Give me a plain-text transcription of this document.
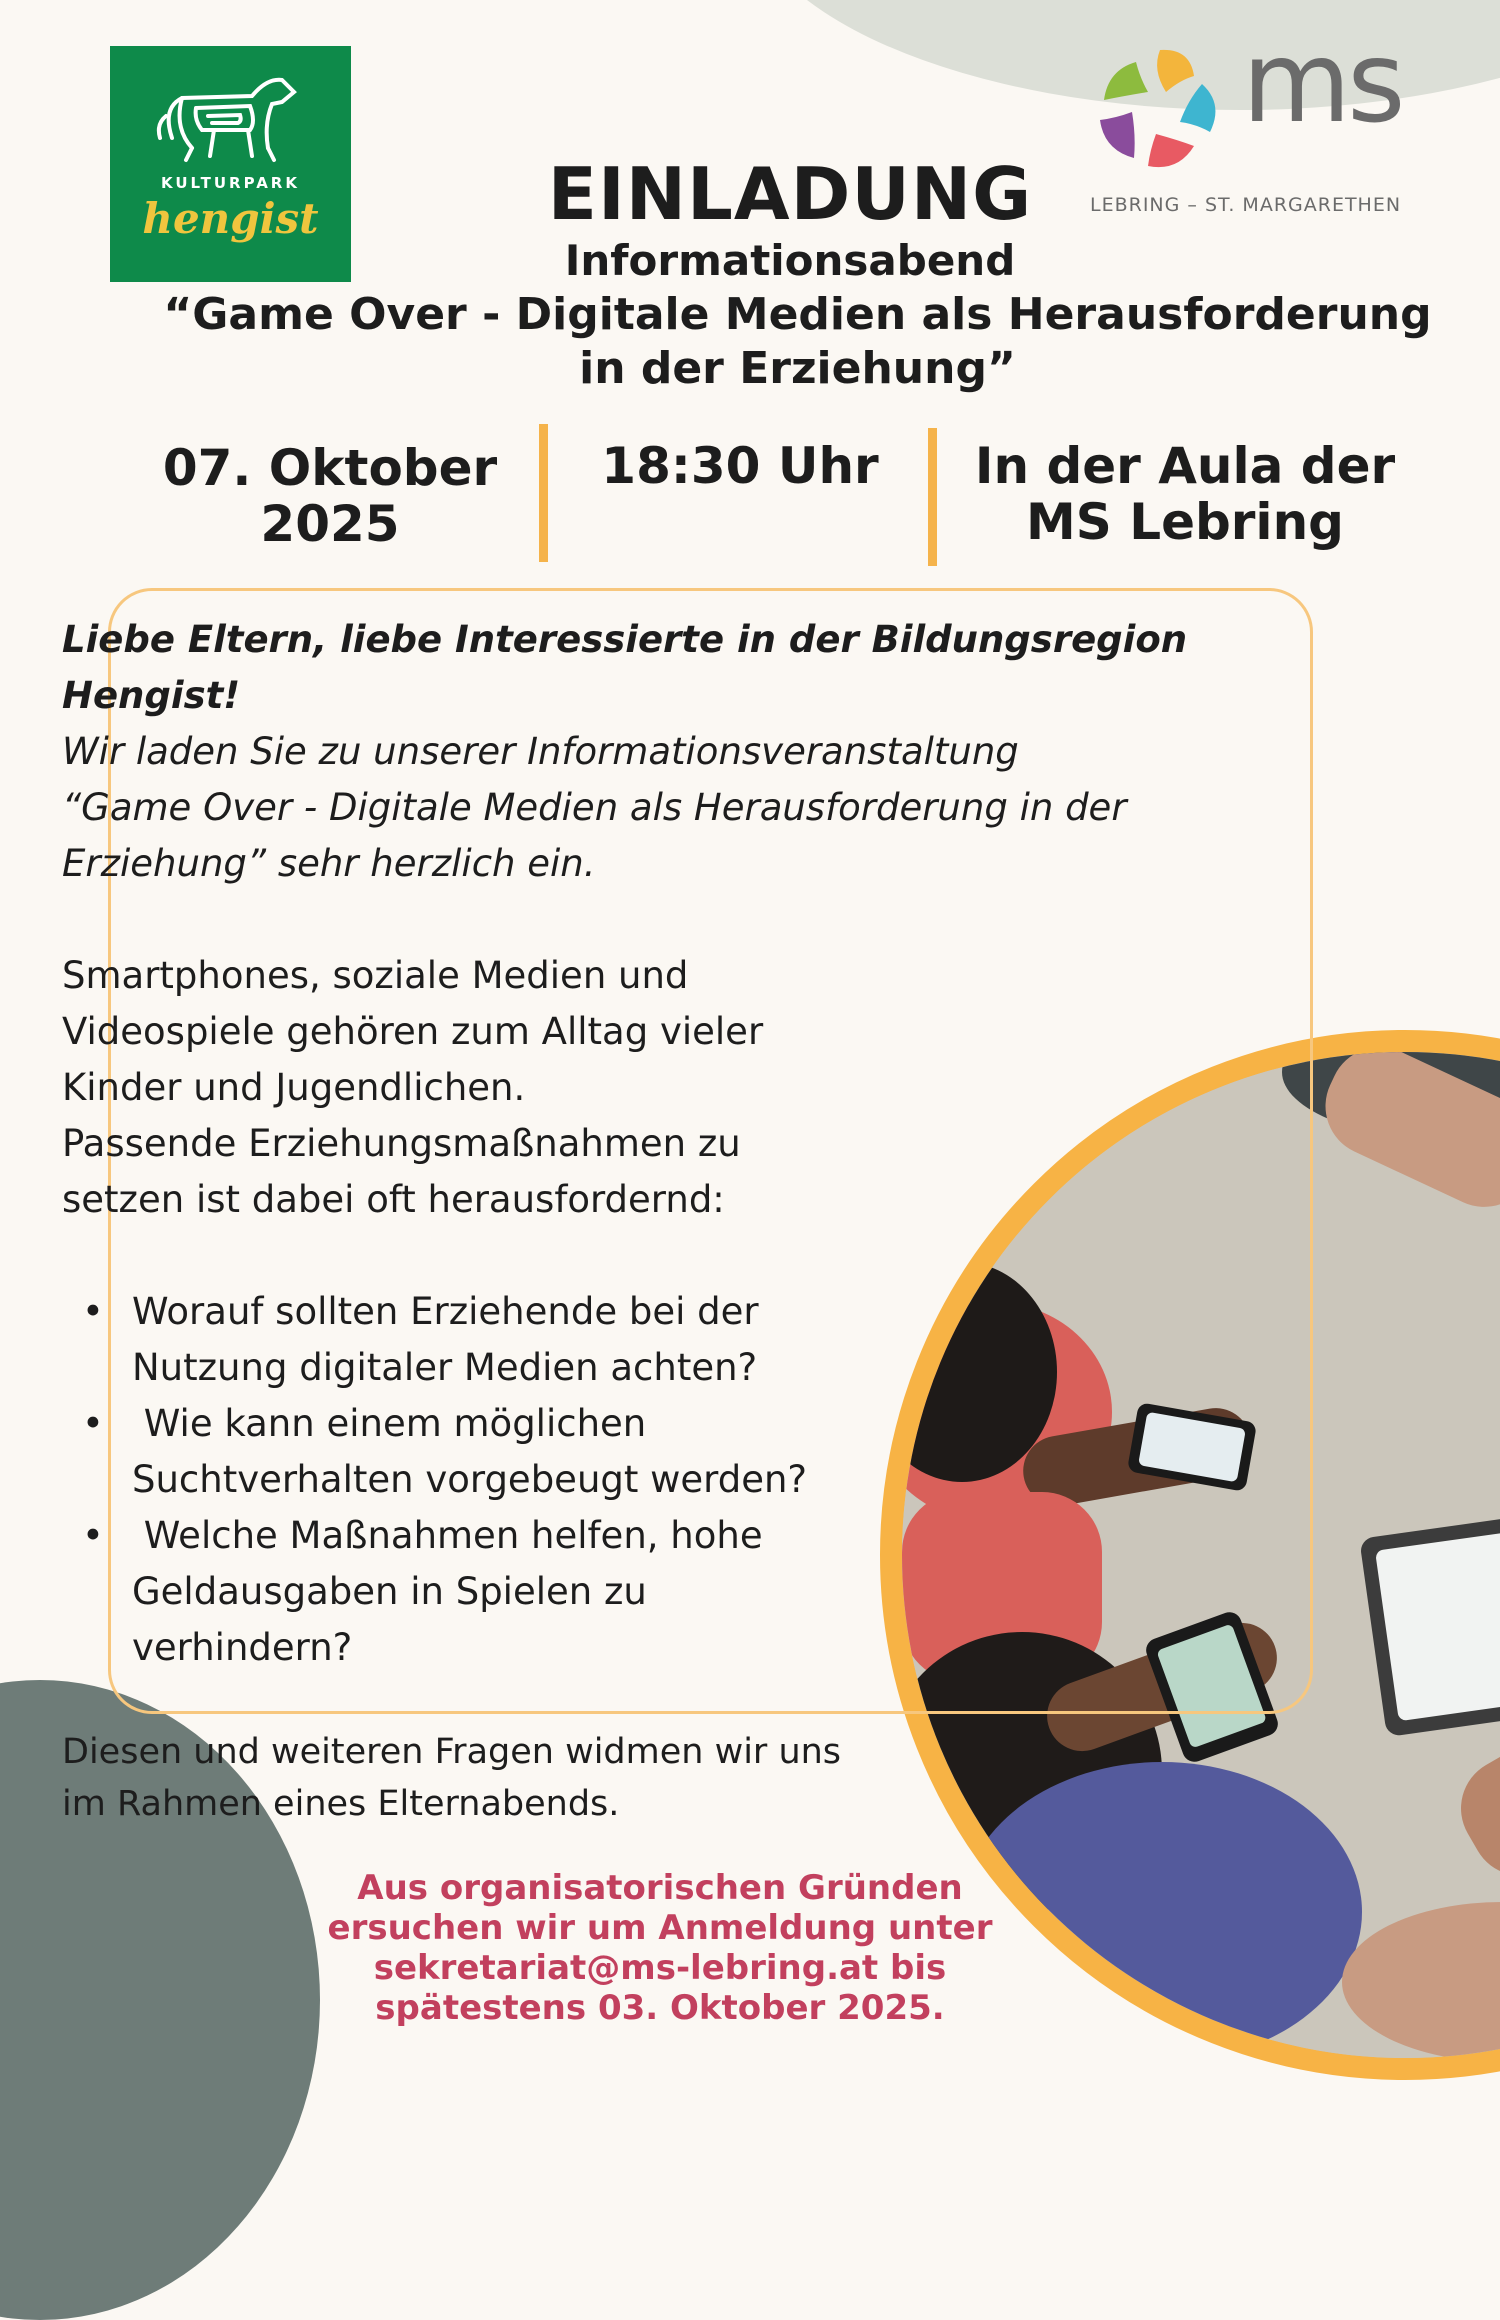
KULTURPARK
hengist
ms
LEBRING – ST. MARGARETHEN
EINLADUNG
Informationsabend
“Game Over - Digitale Medien als Herausforderung
in der Erziehung”
07. Oktober
2025
18:30 Uhr	In der Aula der
MS Lebring
Liebe Eltern, liebe Interessierte in der Bildungsregion
Hengist!
Wir laden Sie zu unserer Informationsveranstaltung
“Game Over - Digitale Medien als Herausforderung in der
Erziehung” sehr herzlich ein.
Smartphones, soziale Medien und
Videospiele gehören zum Alltag vieler
Kinder und Jugendlichen.
Passende Erziehungsmaßnahmen zu
setzen ist dabei oft herausfordernd:
• Worauf sollten Erziehende bei der
Nutzung digitaler Medien achten?
•  Wie kann einem möglichen
Suchtverhalten vorgebeugt werden?
•  Welche Maßnahmen helfen, hohe
Geldausgaben in Spielen zu
verhindern?
Diesen und weiteren Fragen widmen wir uns
im Rahmen eines Elternabends.
Aus organisatorischen Gründen
ersuchen wir um Anmeldung unter
sekretariat@ms-lebring.at bis
spätestens 03. Oktober 2025.
